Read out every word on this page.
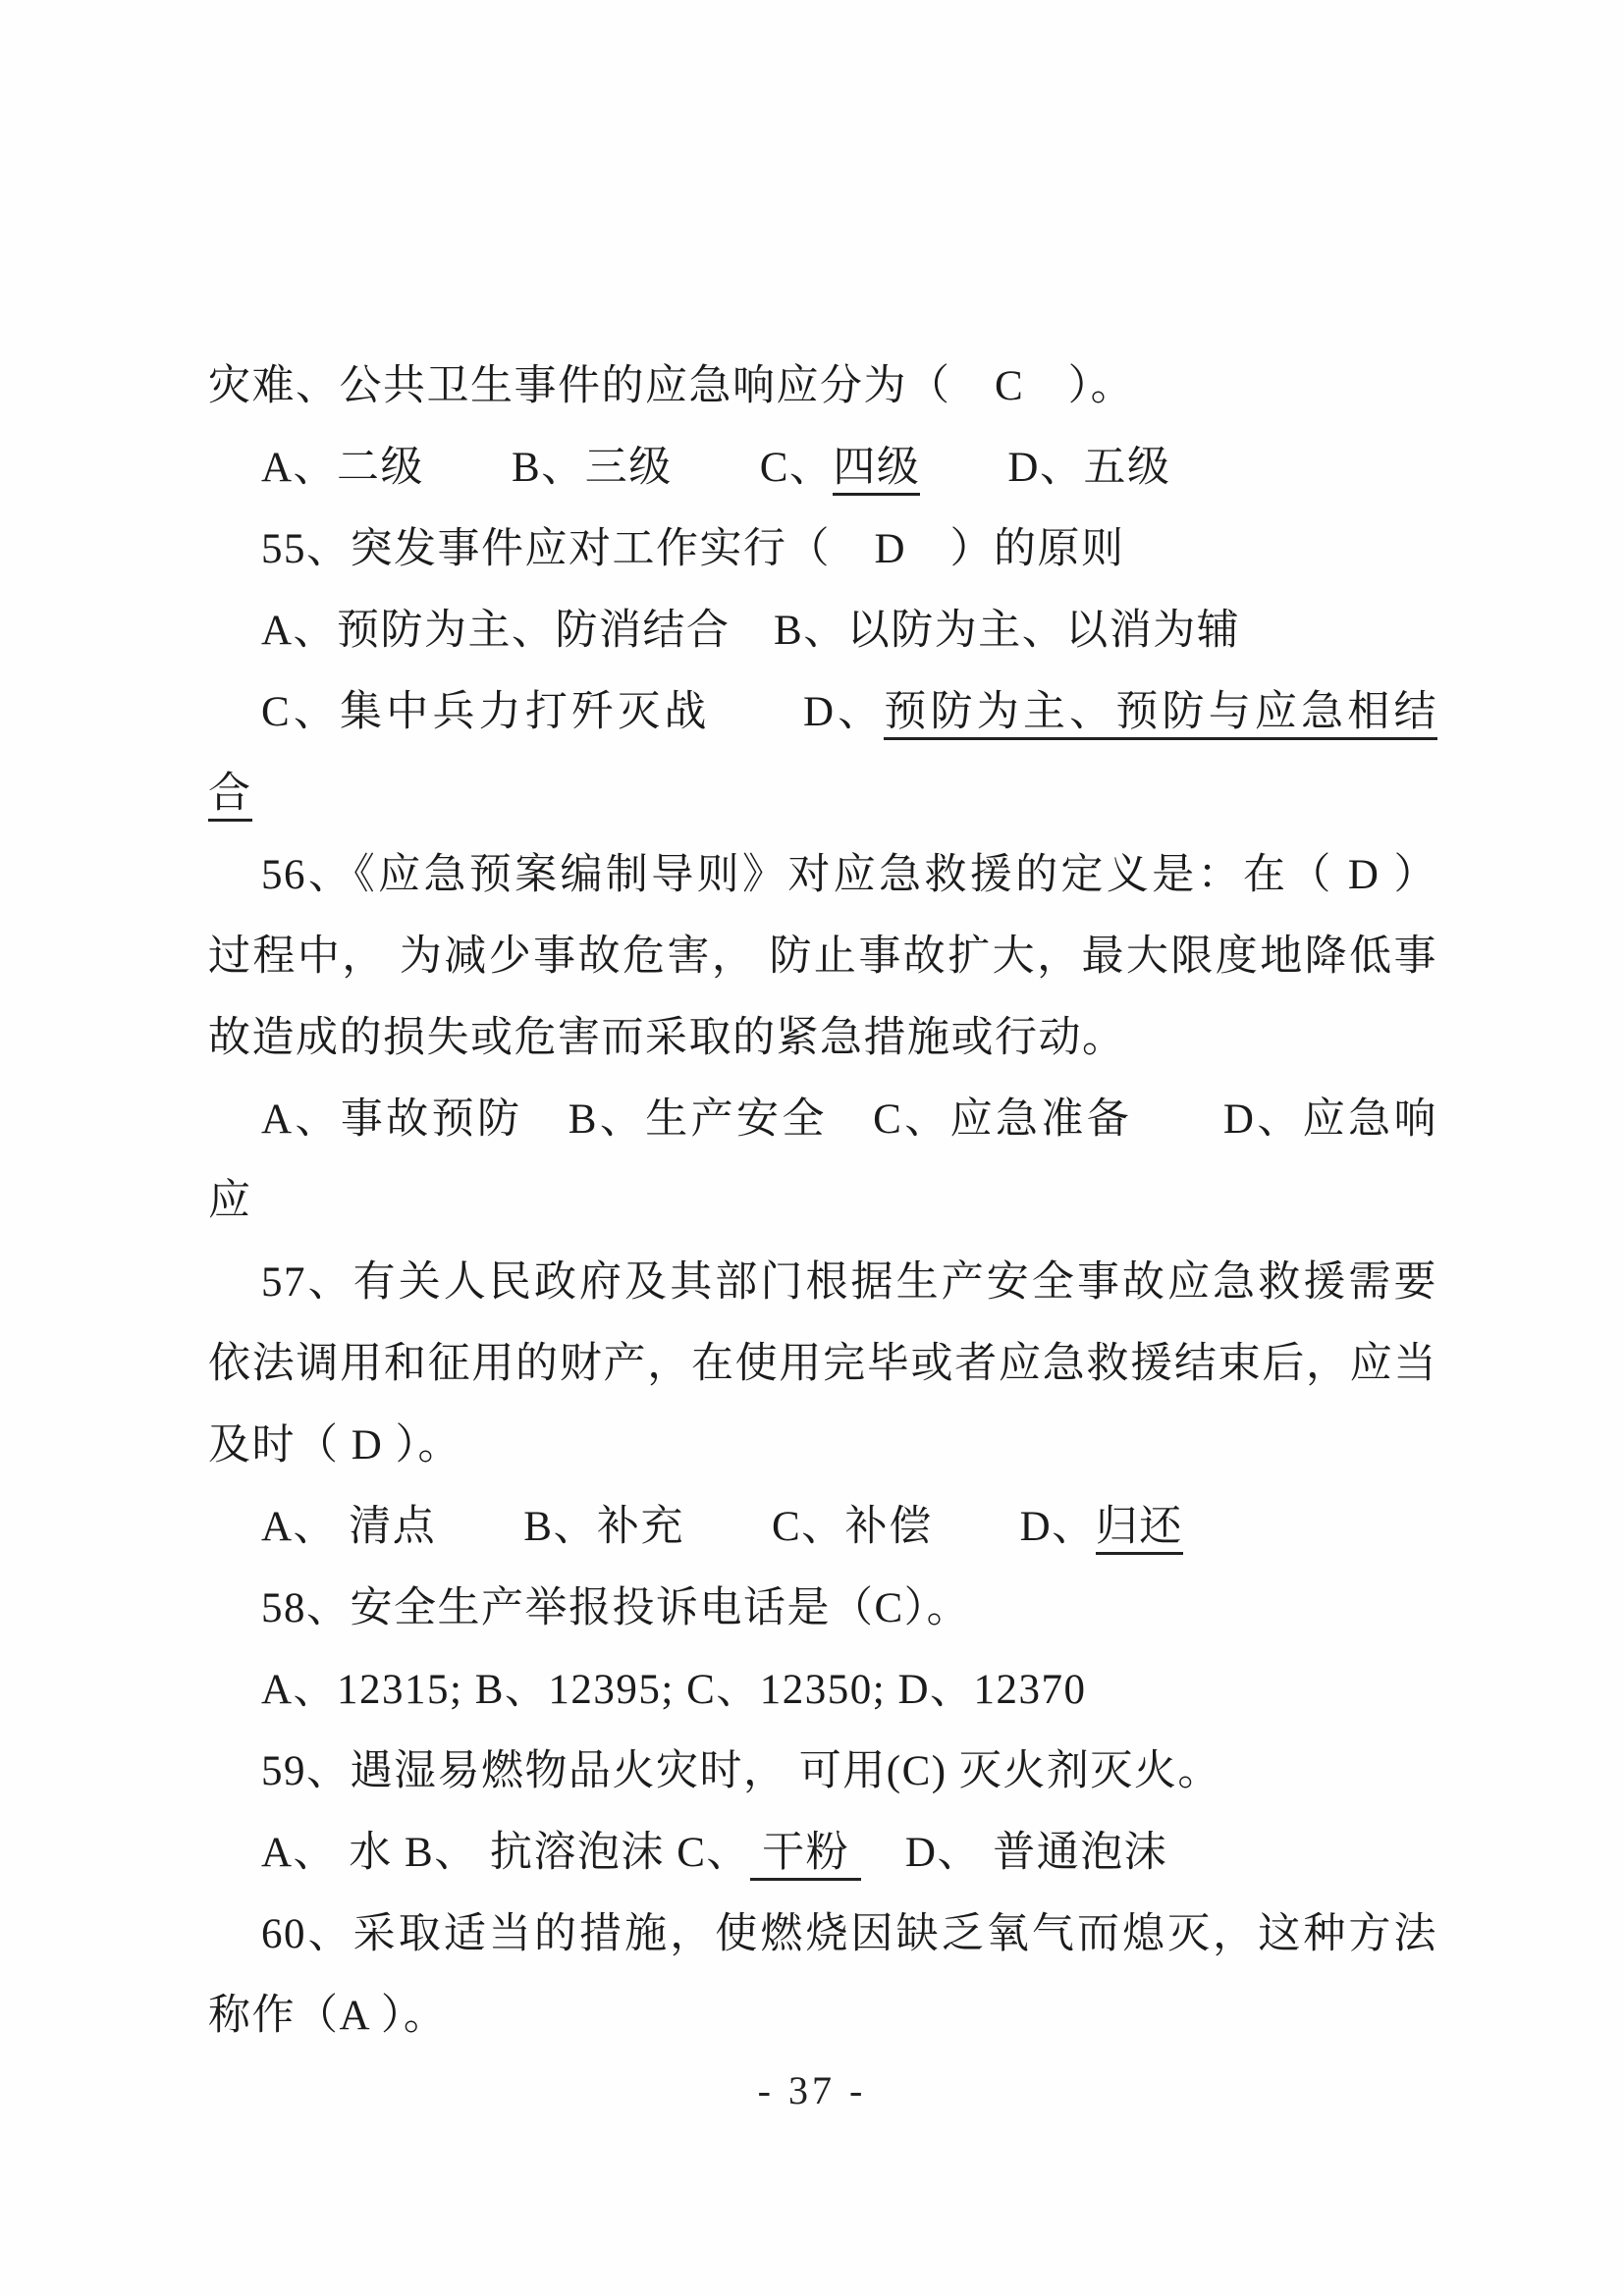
灾难、公共卫生事件的应急响应分为（　C　）。
A、二级　　B、三级　　C、四级　　D、五级
55、突发事件应对工作实行（　D　）的原则
A、预防为主、防消结合　B、以防为主、以消为辅
C、集中兵力打歼灭战　　D、预防为主、预防与应急相结
合
56、《应急预案编制导则》对应急救援的定义是：在（ D ）
过程中， 为减少事故危害， 防止事故扩大，最大限度地降低事
故造成的损失或危害而采取的紧急措施或行动。
A、事故预防　B、生产安全　C、应急准备　　D、应急响
应
57、有关人民政府及其部门根据生产安全事故应急救援需要
依法调用和征用的财产，在使用完毕或者应急救援结束后，应当
及时（ D ）。
A、 清点　　B、补充　　C、补偿　　D、归还
58、安全生产举报投诉电话是（C）。
A、12315; B、12395; C、12350; D、12370
59、遇湿易燃物品火灾时， 可用(C) 灭火剂灭火。
A、 水 B、 抗溶泡沫 C、 干粉 　D、 普通泡沫
60、采取适当的措施，使燃烧因缺乏氧气而熄灭，这种方法
称作（A ）。
- 37 -
